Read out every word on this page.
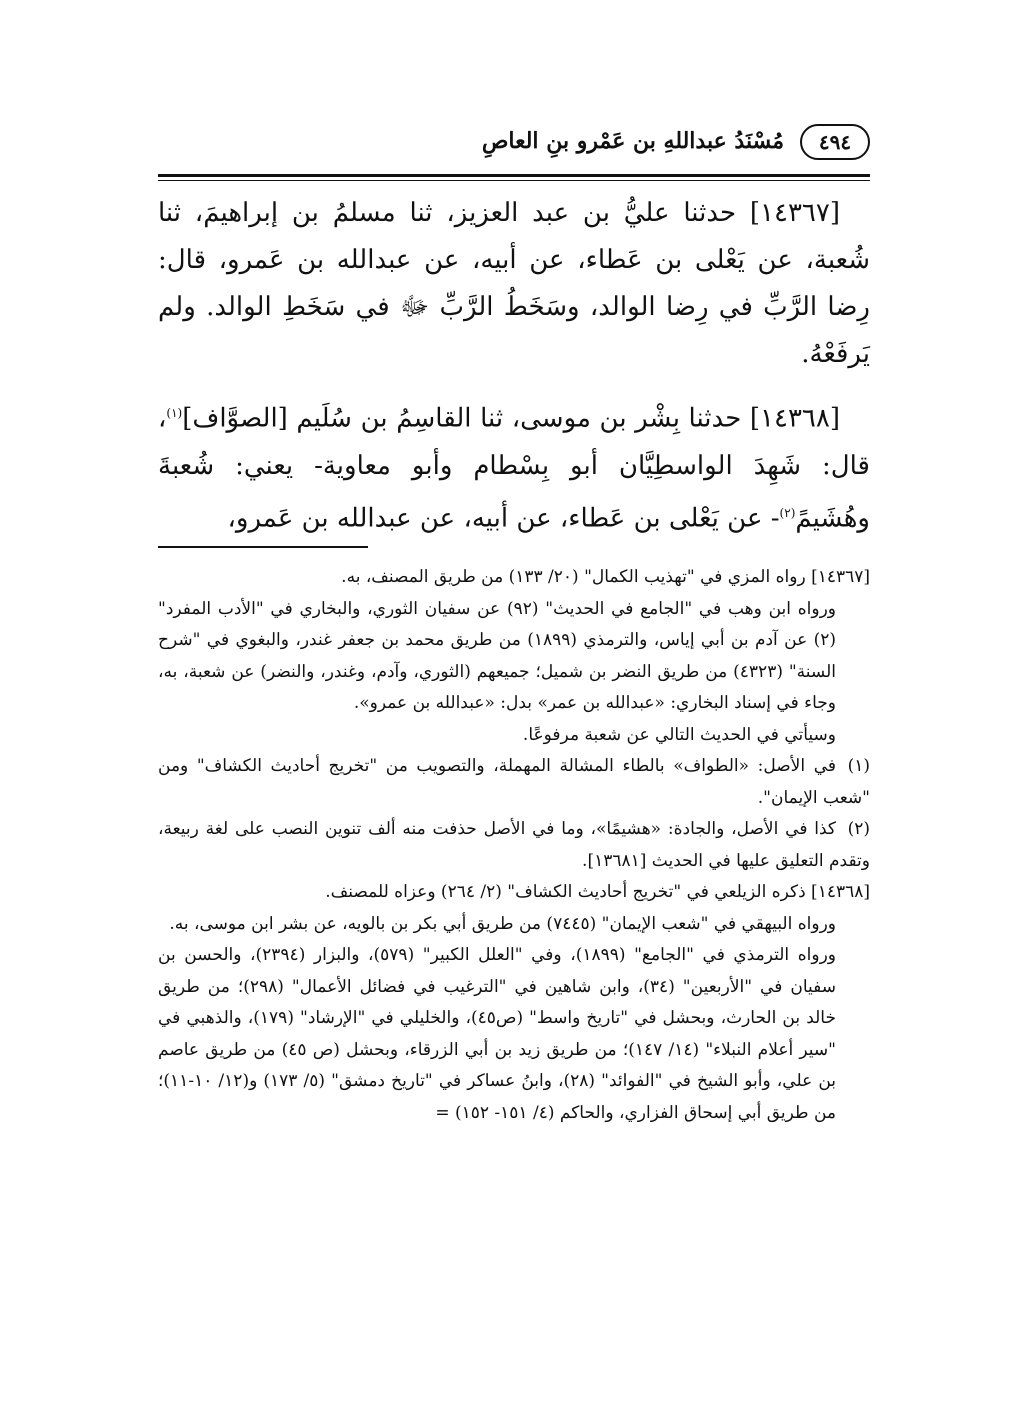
٤٩٤
مُسْنَدُ عبداللهِ بن عَمْرو بنِ العاصِ

[١٤٣٦٧] حدثنا عليُّ بن عبد العزيز، ثنا مسلمُ بن إبراهيمَ، ثنا شُعبة، عن يَعْلى بن عَطاء، عن أبيه، عن عبدالله بن عَمرو، قال: رِضا الرَّبِّ في رِضا الوالد، وسَخَطُ الرَّبِّ ﷻ في سَخَطِ الوالد. ولم يَرفَعْهُ.

[١٤٣٦٨] حدثنا بِشْر بن موسى، ثنا القاسِمُ بن سُلَيم [الصوَّاف]$^{(١)}$، قال: شَهِدَ الواسطِيَّان أبو بِسْطام وأبو معاوية- يعني: شُعبةَ وهُشَيمً$^{(٢)}$- عن يَعْلى بن عَطاء، عن أبيه، عن عبدالله بن عَمرو،

[١٤٣٦٧] رواه المزي في "تهذيب الكمال" (٢٠/ ١٣٣) من طريق المصنف، به.

ورواه ابن وهب في "الجامع في الحديث" (٩٢) عن سفيان الثوري، والبخاري في "الأدب المفرد" (٢) عن آدم بن أبي إياس، والترمذي (١٨٩٩) من طريق محمد بن جعفر غندر، والبغوي في "شرح السنة" (٤٣٢٣) من طريق النضر بن شميل؛ جميعهم (الثوري، وآدم، وغندر، والنضر) عن شعبة، به، وجاء في إسناد البخاري: «عبدالله بن عمر» بدل: «عبدالله بن عمرو».

وسيأتي في الحديث التالي عن شعبة مرفوعًا.

(١)في الأصل: «الطواف» بالطاء المشالة المهملة، والتصويب من "تخريج أحاديث الكشاف" ومن "شعب الإيمان".

(٢)كذا في الأصل، والجادة: «هشيمًا»، وما في الأصل حذفت منه ألف تنوين النصب على لغة ربيعة، وتقدم التعليق عليها في الحديث [١٣٦٨١].

[١٤٣٦٨] ذكره الزيلعي في "تخريج أحاديث الكشاف" (٢/ ٢٦٤) وعزاه للمصنف.

ورواه البيهقي في "شعب الإيمان" (٧٤٤٥) من طريق أبي بكر بن بالويه، عن بشر ابن موسى، به.

ورواه الترمذي في "الجامع" (١٨٩٩)، وفي "العلل الكبير" (٥٧٩)، والبزار (٢٣٩٤)، والحسن بن سفيان في "الأربعين" (٣٤)، وابن شاهين في "الترغيب في فضائل الأعمال" (٢٩٨)؛ من طريق خالد بن الحارث، وبحشل في "تاريخ واسط" (ص٤٥)، والخليلي في "الإرشاد" (١٧٩)، والذهبي في "سير أعلام النبلاء" (١٤/ ١٤٧)؛ من طريق زيد بن أبي الزرقاء، وبحشل (ص ٤٥) من طريق عاصم بن علي، وأبو الشيخ في "الفوائد" (٢٨)، وابنُ عساكر في "تاريخ دمشق" (٥/ ١٧٣) و(١٢/ ١٠-١١)؛ من طريق أبي إسحاق الفزاري، والحاكم (٤/ ١٥١- ١٥٢) =
